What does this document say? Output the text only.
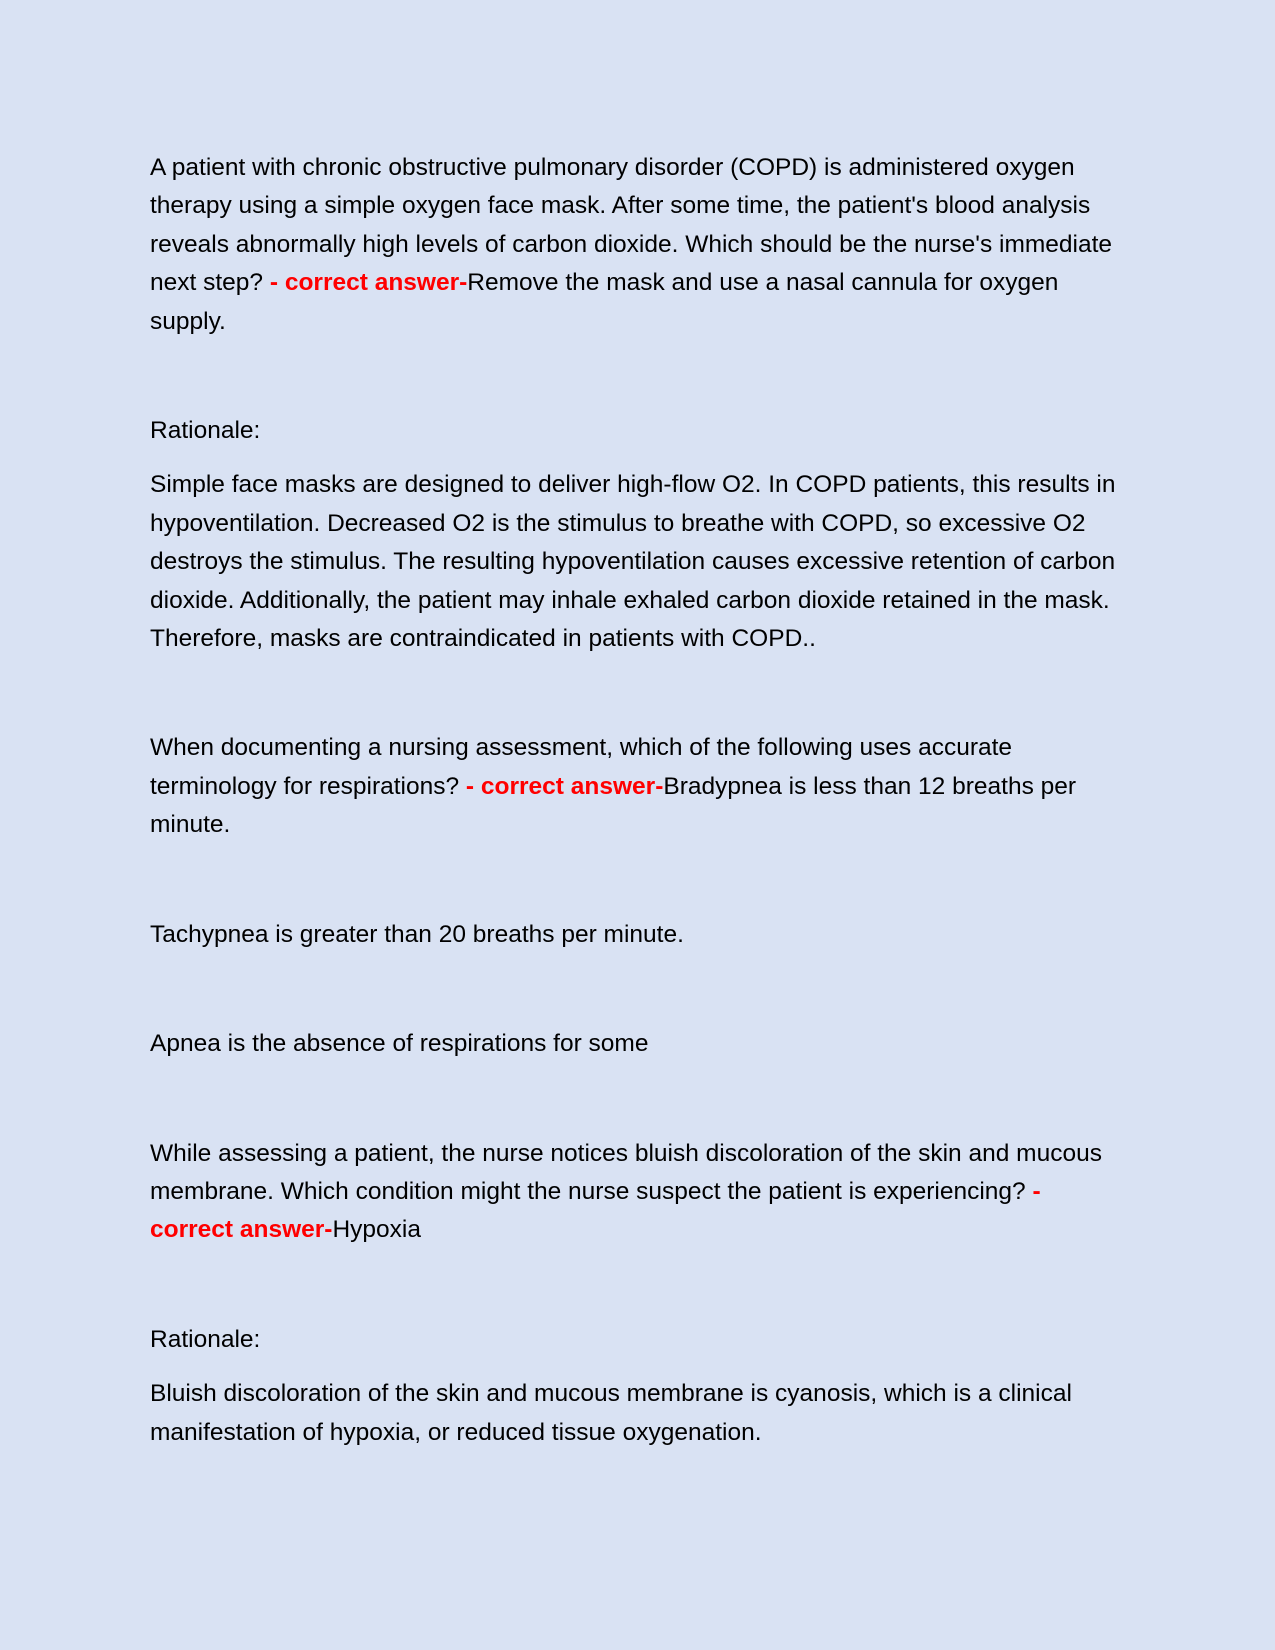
A patient with chronic obstructive pulmonary disorder (COPD) is administered oxygen therapy using a simple oxygen face mask. After some time, the patient's blood analysis reveals abnormally high levels of carbon dioxide. Which should be the nurse's immediate next step? - correct answer-Remove the mask and use a nasal cannula for oxygen supply.

Rationale:

Simple face masks are designed to deliver high-flow O2. In COPD patients, this results in hypoventilation. Decreased O2 is the stimulus to breathe with COPD, so excessive O2 destroys the stimulus. The resulting hypoventilation causes excessive retention of carbon dioxide. Additionally, the patient may inhale exhaled carbon dioxide retained in the mask. Therefore, masks are contraindicated in patients with COPD..

When documenting a nursing assessment, which of the following uses accurate terminology for respirations? - correct answer-Bradypnea is less than 12 breaths per minute.

Tachypnea is greater than 20 breaths per minute.

Apnea is the absence of respirations for some

While assessing a patient, the nurse notices bluish discoloration of the skin and mucous membrane. Which condition might the nurse suspect the patient is experiencing? - correct answer-Hypoxia

Rationale:

Bluish discoloration of the skin and mucous membrane is cyanosis, which is a clinical manifestation of hypoxia, or reduced tissue oxygenation.
